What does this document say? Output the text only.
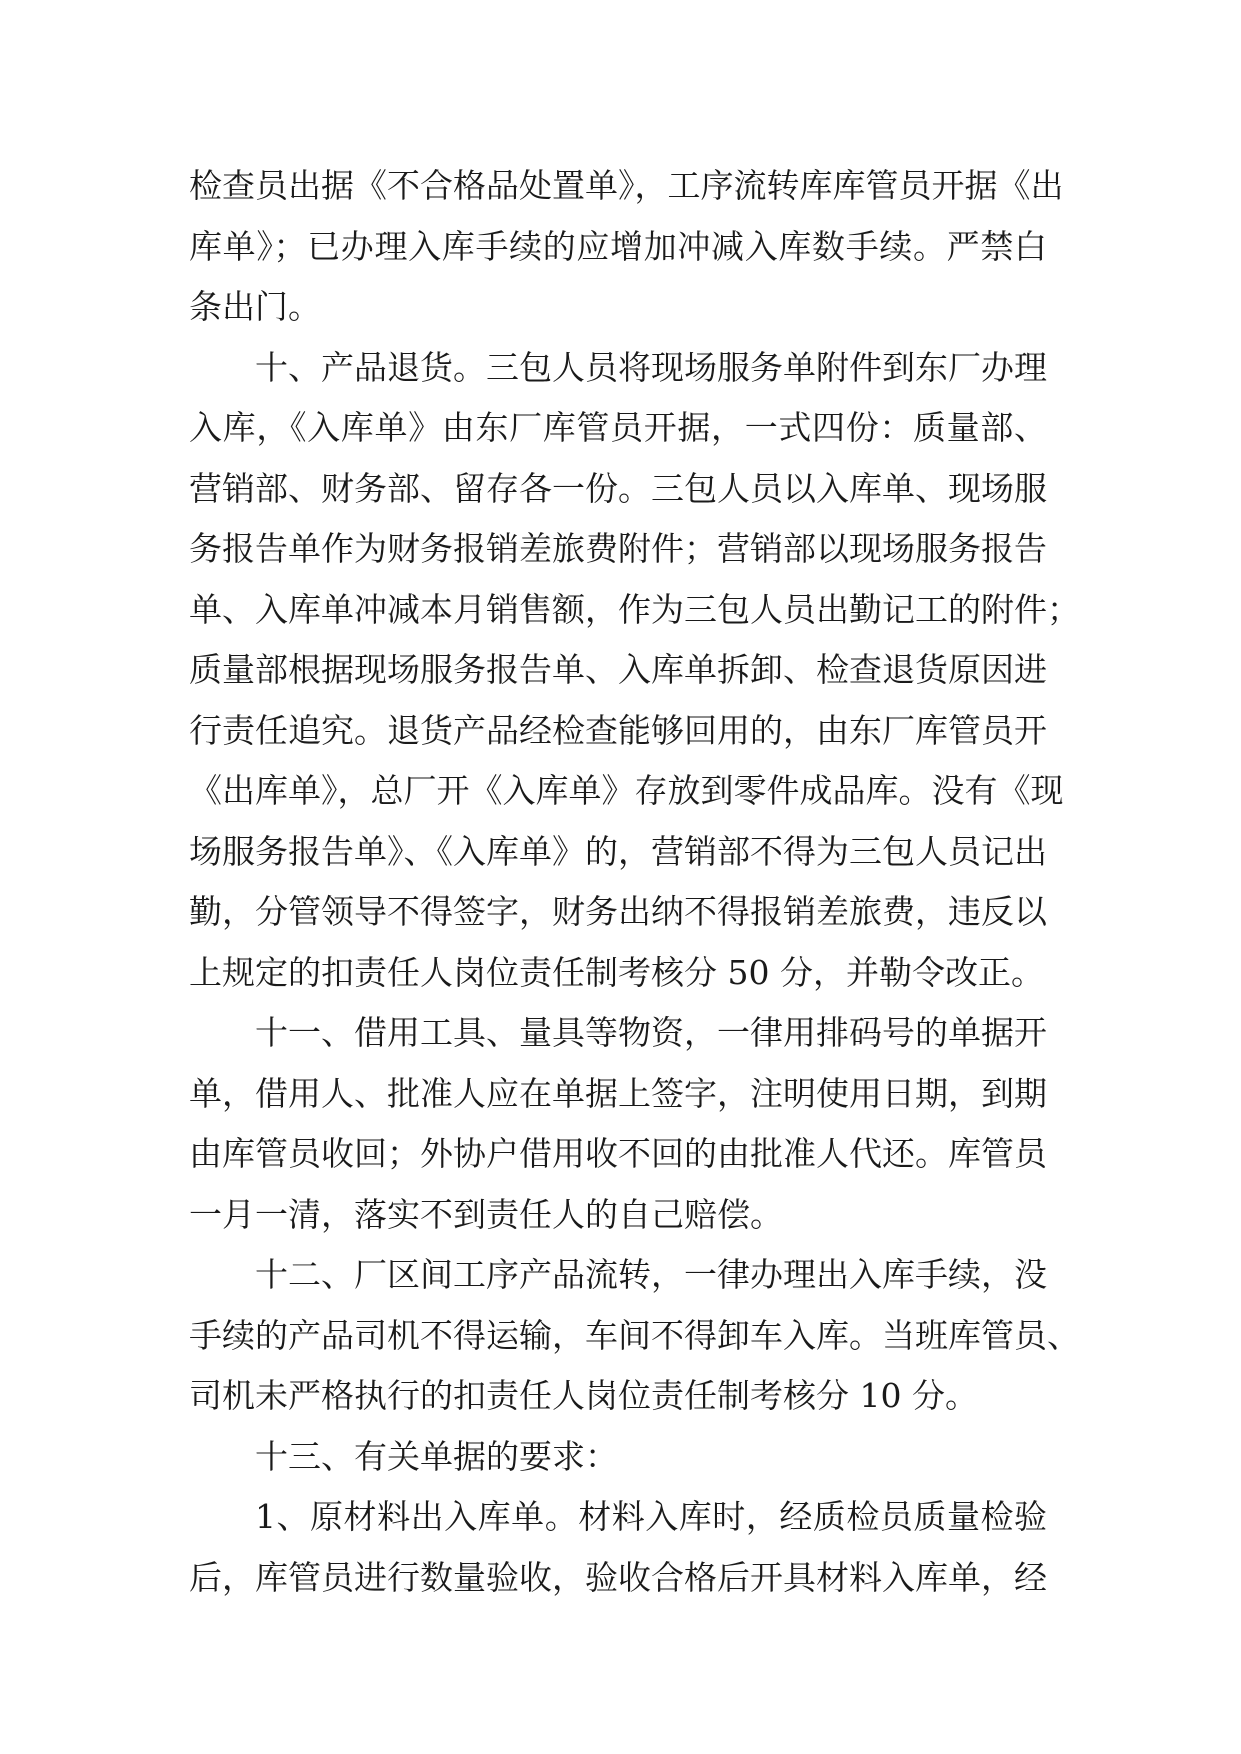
检查员出据《不合格品处置单》，工序流转库库管员开据《出
库单》；已办理入库手续的应增加冲减入库数手续。严禁白
条出门。
十、产品退货。三包人员将现场服务单附件到东厂办理
入库，《入库单》由东厂库管员开据，一式四份：质量部、
营销部、财务部、留存各一份。三包人员以入库单、现场服
务报告单作为财务报销差旅费附件；营销部以现场服务报告
单、入库单冲减本月销售额，作为三包人员出勤记工的附件；
质量部根据现场服务报告单、入库单拆卸、检查退货原因进
行责任追究。退货产品经检查能够回用的，由东厂库管员开
《出库单》，总厂开《入库单》存放到零件成品库。没有《现
场服务报告单》、《入库单》的，营销部不得为三包人员记出
勤，分管领导不得签字，财务出纳不得报销差旅费，违反以
上规定的扣责任人岗位责任制考核分 50 分，并勒令改正。
十一、借用工具、量具等物资，一律用排码号的单据开
单，借用人、批准人应在单据上签字，注明使用日期，到期
由库管员收回；外协户借用收不回的由批准人代还。库管员
一月一清，落实不到责任人的自己赔偿。
十二、厂区间工序产品流转，一律办理出入库手续，没
手续的产品司机不得运输，车间不得卸车入库。当班库管员、
司机未严格执行的扣责任人岗位责任制考核分 10 分。
十三、有关单据的要求：
1、原材料出入库单。材料入库时，经质检员质量检验
后，库管员进行数量验收，验收合格后开具材料入库单，经
